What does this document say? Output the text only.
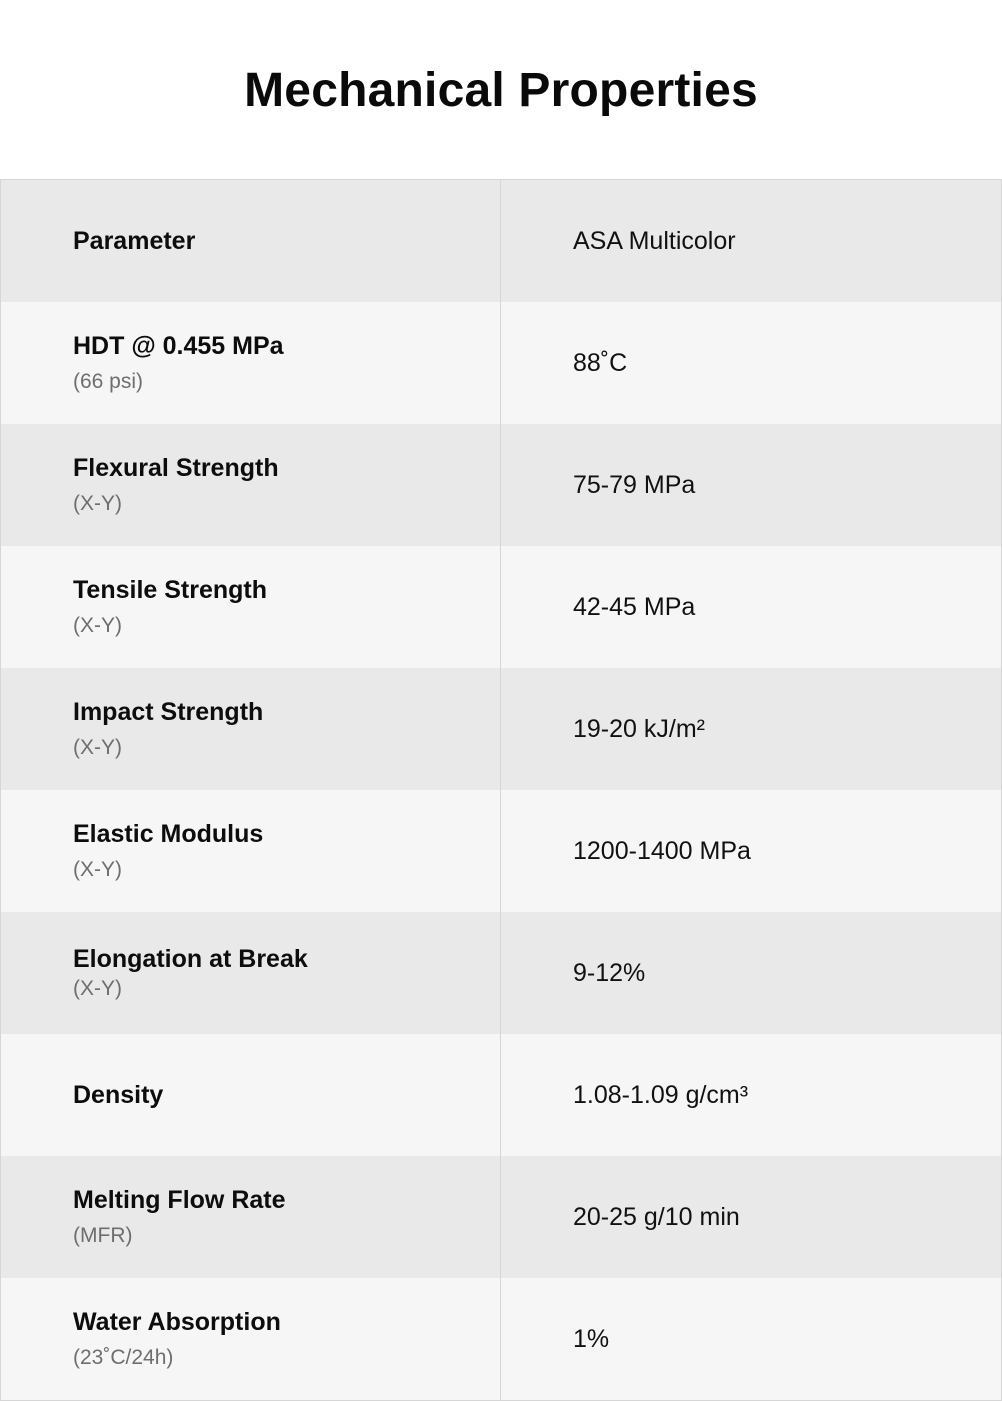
Mechanical Properties
Parameter	ASA Multicolor
HDT @ 0.455 MPa
(66 psi)
88˚C
Flexural Strength
(X-Y)
75-79 MPa
Tensile Strength
(X-Y)
42-45 MPa
Impact Strength
(X-Y)
19-20 kJ/m²
Elastic Modulus
(X-Y)
1200-1400 MPa
Elongation at Break
(X-Y)
9-12%
Density	1.08-1.09 g/cm³
Melting Flow Rate
(MFR)
20-25 g/10 min
Water Absorption
(23˚C/24h)
1%
